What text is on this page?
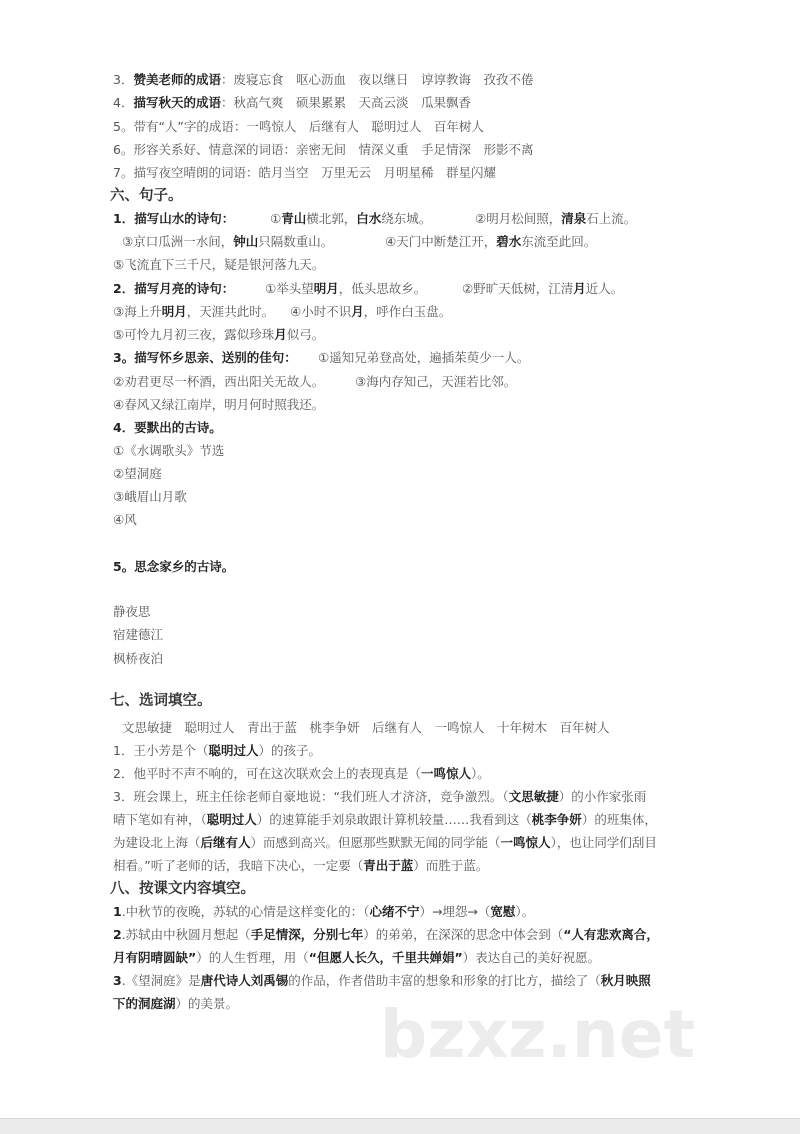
bzxz.net
3．赞美老师的成语：废寝忘食　呕心沥血　夜以继日　谆谆教诲　孜孜不倦
4．描写秋天的成语：秋高气爽　硕果累累　天高云淡　瓜果飘香
5。带有“人”字的成语：一鸣惊人　后继有人　聪明过人　百年树人
6。形容关系好、情意深的词语：亲密无间　情深义重　手足情深　形影不离
7。描写夜空晴朗的词语：皓月当空　万里无云　月明星稀　群星闪耀
六、句子。
1．描写山水的诗句：	①青山横北郭，白水绕东城。	②明月松间照，清泉石上流。
③京口瓜洲一水间，钟山只隔数重山。	④天门中断楚江开，碧水东流至此回。
⑤飞流直下三千尺，疑是银河落九天。
2．描写月亮的诗句： ①举头望明月，低头思故乡。	②野旷天低树，江清月近人。
③海上升明月，天涯共此时。 ④小时不识月，呼作白玉盘。
⑤可怜九月初三夜，露似珍珠月似弓。
3。描写怀乡思亲、送别的佳句： ①遥知兄弟登高处，遍插茱萸少一人。
②劝君更尽一杯酒，西出阳关无故人。 ③海内存知己，天涯若比邻。
④春风又绿江南岸，明月何时照我还。
4．要默出的古诗。
①《水调歌头》节选
②望洞庭
③峨眉山月歌
④风
5。思念家乡的古诗。
静夜思
宿建德江
枫桥夜泊
七、选词填空。
文思敏捷　聪明过人　青出于蓝　桃李争妍　后继有人　一鸣惊人　十年树木　百年树人
1．王小芳是个（聪明过人）的孩子。
2．他平时不声不响的，可在这次联欢会上的表现真是（一鸣惊人）。
3．班会课上，班主任徐老师自豪地说：“我们班人才济济，竞争激烈。（文思敏捷）的小作家张雨
晴下笔如有神，（聪明过人）的速算能手刘泉敢跟计算机较量……我看到这（桃李争妍）的班集体，
为建设北上海（后继有人）而感到高兴。但愿那些默默无闻的同学能（一鸣惊人），也让同学们刮目
相看。”听了老师的话，我暗下决心，一定要（青出于蓝）而胜于蓝。
八、按课文内容填空。
1.中秋节的夜晚，苏轼的心情是这样变化的：（心绪不宁）→埋怨→（宽慰）。
2.苏轼由中秋圆月想起（手足情深，分别七年）的弟弟，在深深的思念中体会到（“人有悲欢离合，
月有阴晴圆缺”）的人生哲理，用（“但愿人长久，千里共婵娟”）表达自己的美好祝愿。
3.《望洞庭》是唐代诗人刘禹锡的作品，作者借助丰富的想象和形象的打比方，描绘了（秋月映照
下的洞庭湖）的美景。
